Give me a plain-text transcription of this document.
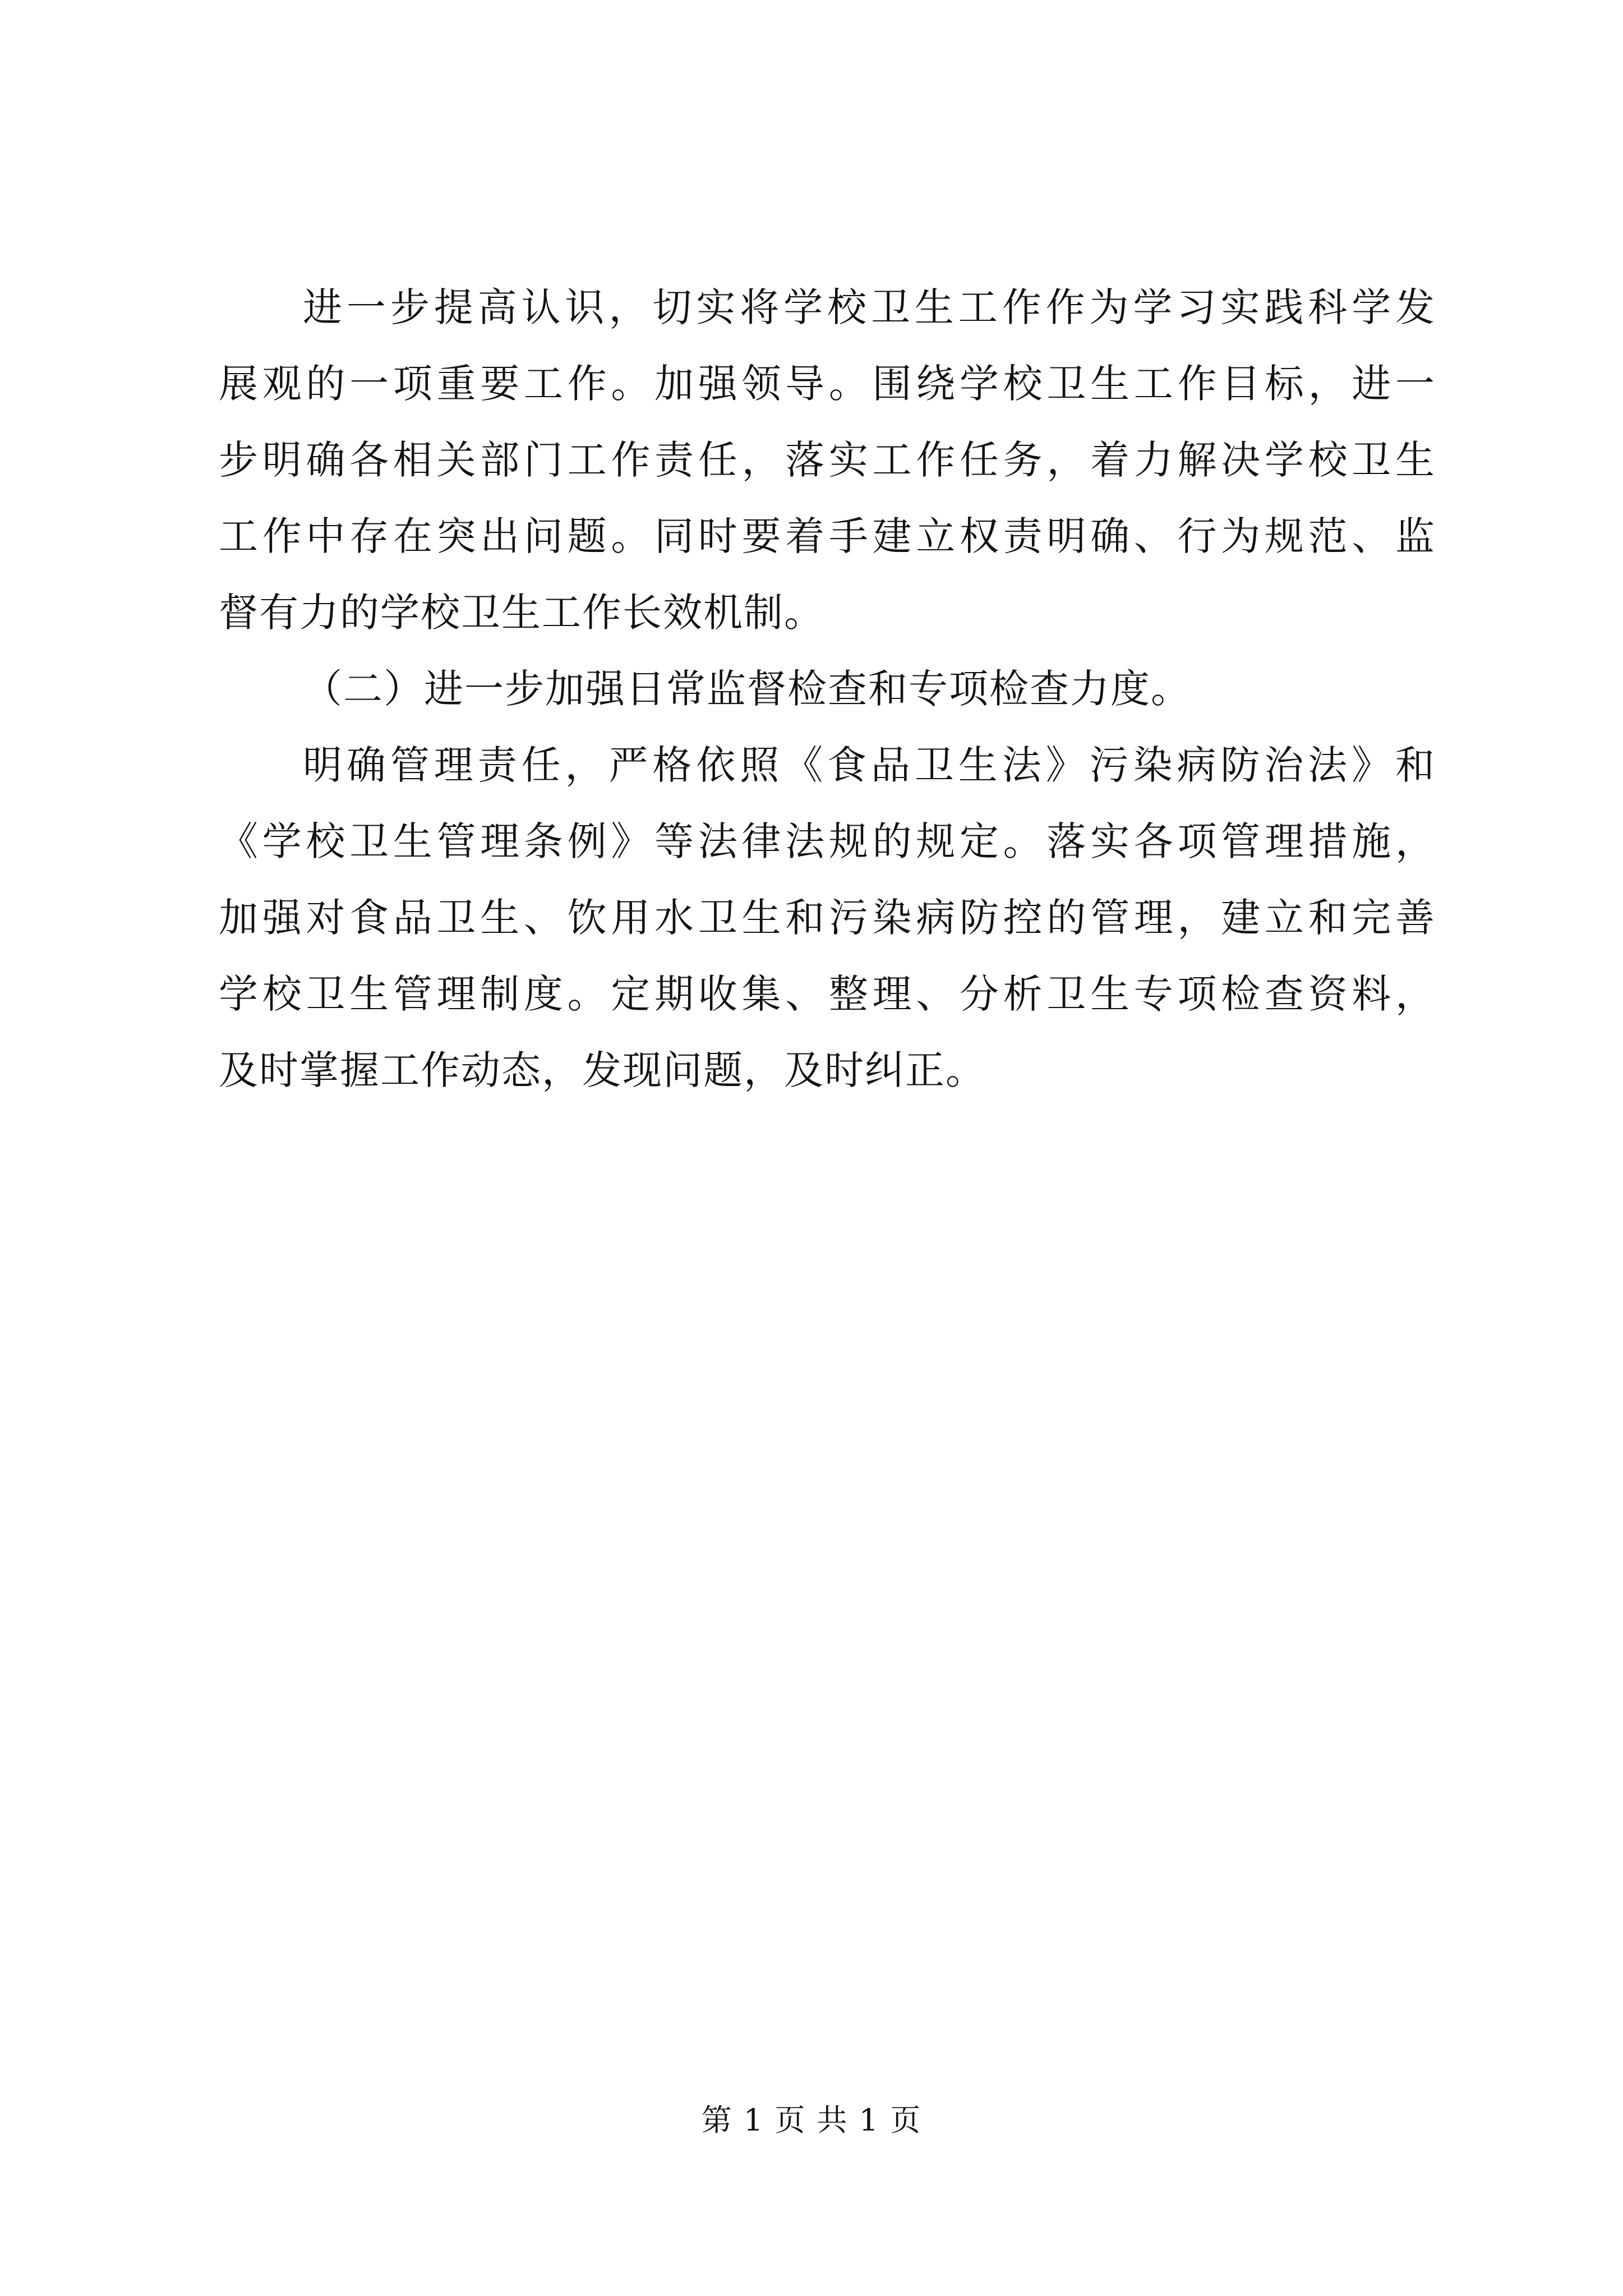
进一步提高认识，切实将学校卫生工作作为学习实践科学发
展观的一项重要工作。加强领导。围绕学校卫生工作目标，进一
步明确各相关部门工作责任，落实工作任务，着力解决学校卫生
工作中存在突出问题。同时要着手建立权责明确、行为规范、监
督有力的学校卫生工作长效机制。
（二）进一步加强日常监督检查和专项检查力度。
明确管理责任，严格依照《食品卫生法》污染病防治法》和
《学校卫生管理条例》等法律法规的规定。落实各项管理措施，
加强对食品卫生、饮用水卫生和污染病防控的管理，建立和完善
学校卫生管理制度。定期收集、整理、分析卫生专项检查资料，
及时掌握工作动态，发现问题，及时纠正。
第 1 页 共 1 页
